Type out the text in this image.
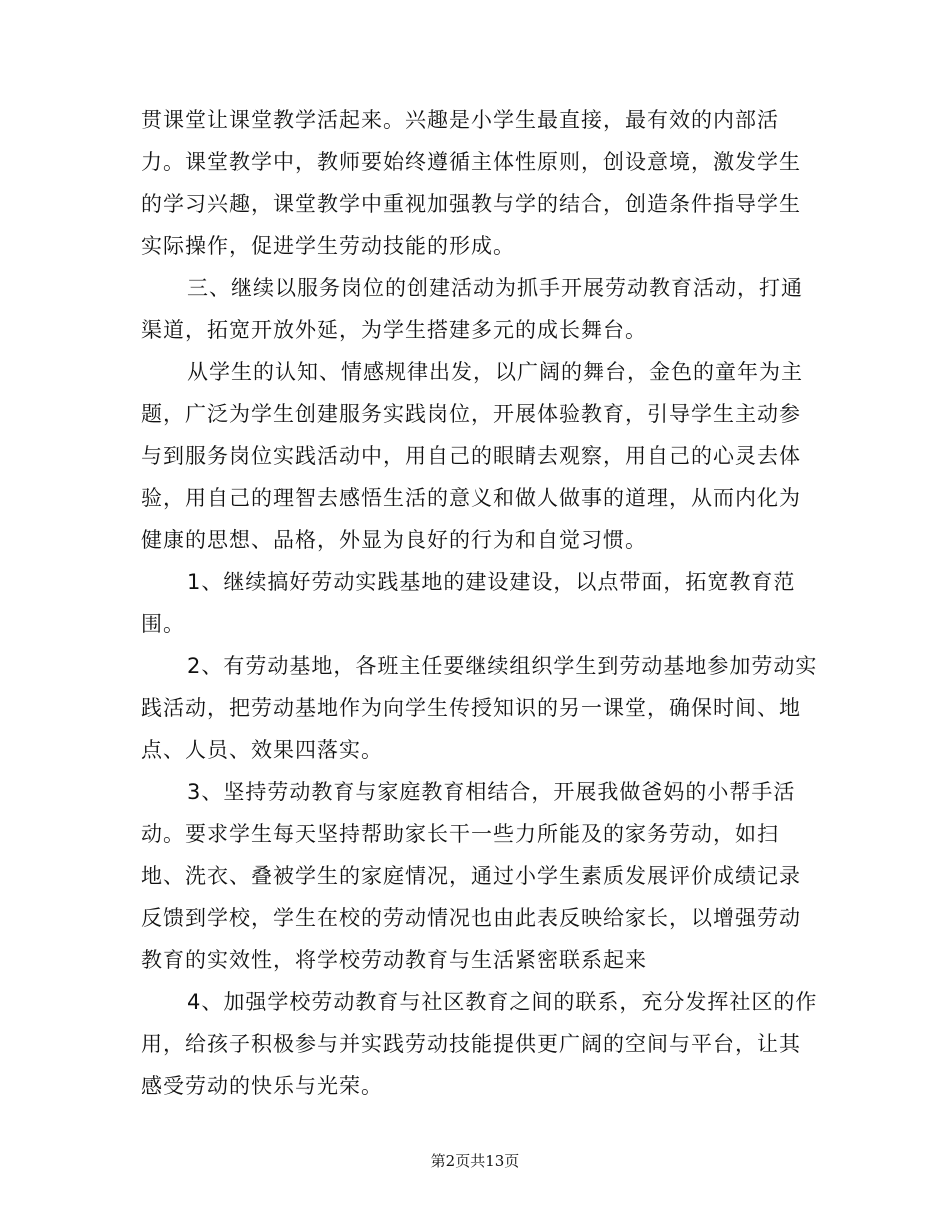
贯课堂让课堂教学活起来。兴趣是小学生最直接，最有效的内部活
力。课堂教学中，教师要始终遵循主体性原则，创设意境，激发学生
的学习兴趣，课堂教学中重视加强教与学的结合，创造条件指导学生
实际操作，促进学生劳动技能的形成。
三、继续以服务岗位的创建活动为抓手开展劳动教育活动，打通
渠道，拓宽开放外延，为学生搭建多元的成长舞台。
从学生的认知、情感规律出发，以广阔的舞台，金色的童年为主
题，广泛为学生创建服务实践岗位，开展体验教育，引导学生主动参
与到服务岗位实践活动中，用自己的眼睛去观察，用自己的心灵去体
验，用自己的理智去感悟生活的意义和做人做事的道理，从而内化为
健康的思想、品格，外显为良好的行为和自觉习惯。
1、继续搞好劳动实践基地的建设建设，以点带面，拓宽教育范
围。
2、有劳动基地，各班主任要继续组织学生到劳动基地参加劳动实
践活动，把劳动基地作为向学生传授知识的另一课堂，确保时间、地
点、人员、效果四落实。
3、坚持劳动教育与家庭教育相结合，开展我做爸妈的小帮手活
动。要求学生每天坚持帮助家长干一些力所能及的家务劳动，如扫
地、洗衣、叠被学生的家庭情况，通过小学生素质发展评价成绩记录
反馈到学校，学生在校的劳动情况也由此表反映给家长，以增强劳动
教育的实效性，将学校劳动教育与生活紧密联系起来
4、加强学校劳动教育与社区教育之间的联系，充分发挥社区的作
用，给孩子积极参与并实践劳动技能提供更广阔的空间与平台，让其
感受劳动的快乐与光荣。
第2页共13页
